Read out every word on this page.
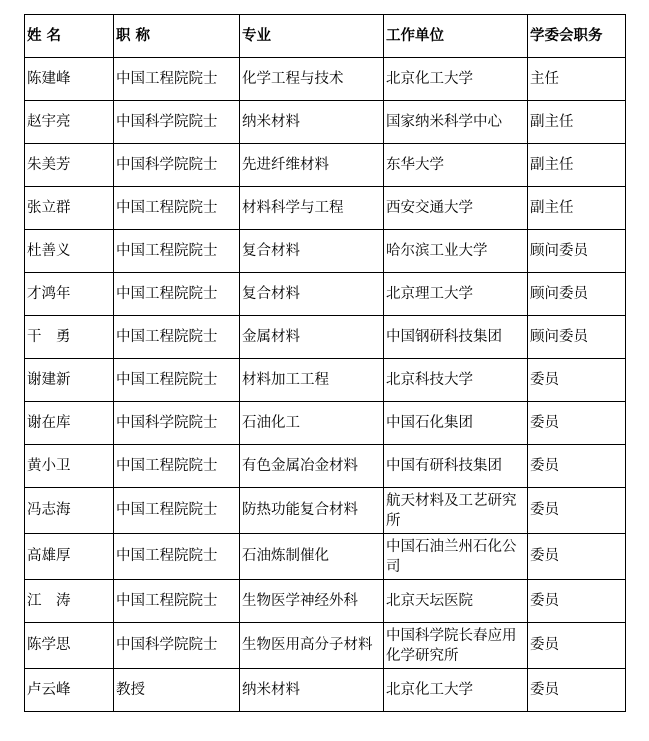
姓 名	职 称	专业	工作单位	学委会职务
陈建峰	中国工程院院士	化学工程与技术	北京化工大学	主任
赵宇亮	中国科学院院士	纳米材料	国家纳米科学中心	副主任
朱美芳	中国科学院院士	先进纤维材料	东华大学	副主任
张立群	中国工程院院士	材料科学与工程	西安交通大学	副主任
杜善义	中国工程院院士	复合材料	哈尔滨工业大学	顾问委员
才鸿年	中国工程院院士	复合材料	北京理工大学	顾问委员
干　勇	中国工程院院士	金属材料	中国钢研科技集团	顾问委员
谢建新	中国工程院院士	材料加工工程	北京科技大学	委员
谢在库	中国科学院院士	石油化工	中国石化集团	委员
黄小卫	中国工程院院士	有色金属冶金材料	中国有研科技集团	委员
冯志海	中国工程院院士	防热功能复合材料	航天材料及工艺研究所	委员
高雄厚	中国工程院院士	石油炼制催化	中国石油兰州石化公司	委员
江　涛	中国工程院院士	生物医学神经外科	北京天坛医院	委员
陈学思	中国科学院院士	生物医用高分子材料	中国科学院长春应用化学研究所	委员
卢云峰	教授	纳米材料	北京化工大学	委员
